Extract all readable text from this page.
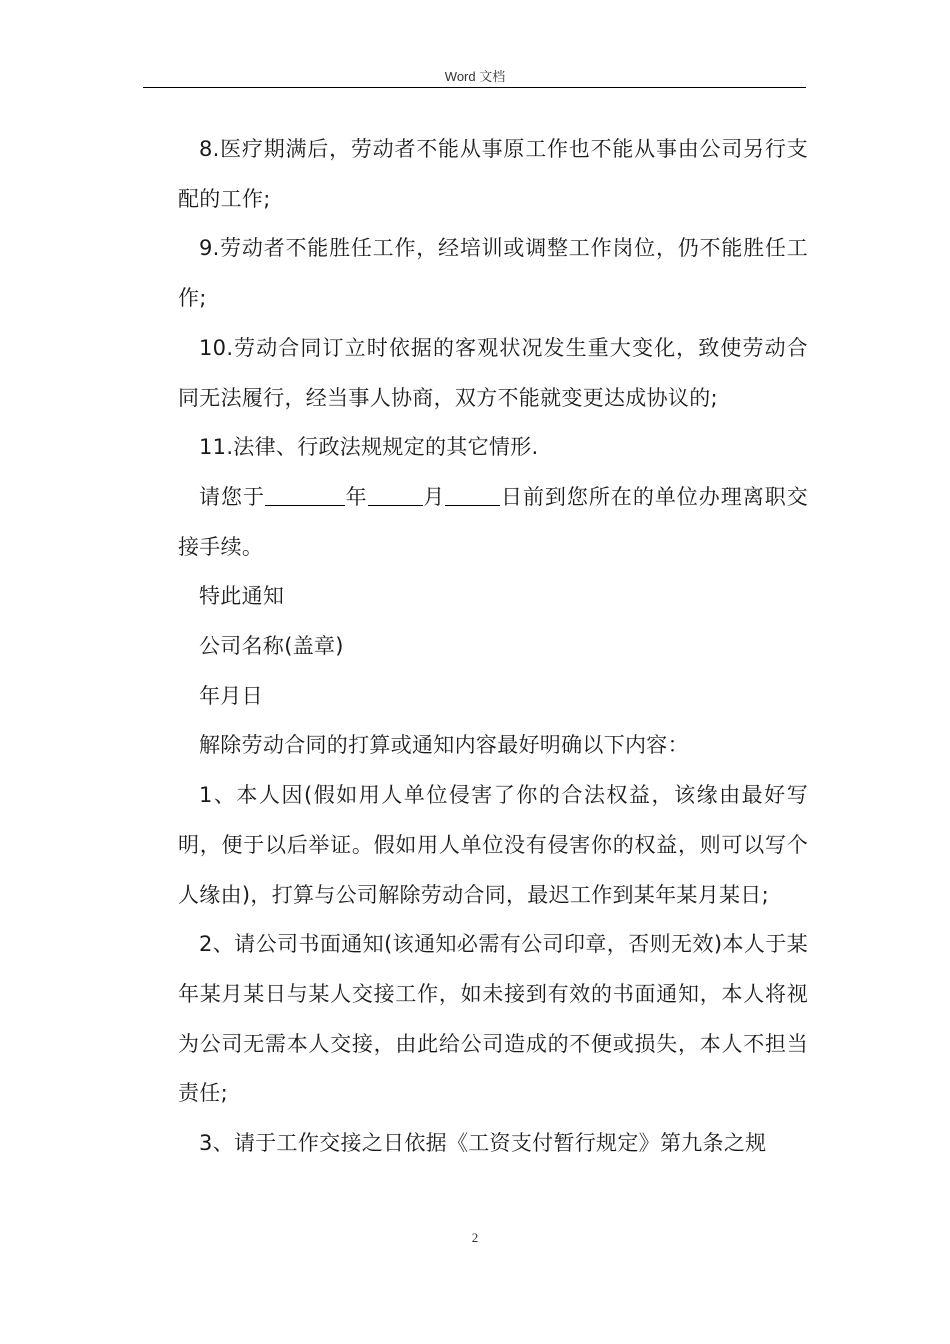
Word 文档

8.医疗期满后，劳动者不能从事原工作也不能从事由公司另行支配的工作;

9.劳动者不能胜任工作，经培训或调整工作岗位，仍不能胜任工作;

10.劳动合同订立时依据的客观状况发生重大变化，致使劳动合同无法履行，经当事人协商，双方不能就变更达成协议的;

11.法律、行政法规规定的其它情形.

请您于	年	月	日前到您所在的单位办理离职交接手续。

特此通知

公司名称(盖章)

年月日

解除劳动合同的打算或通知内容最好明确以下内容：

1、本人因(假如用人单位侵害了你的合法权益，该缘由最好写明，便于以后举证。假如用人单位没有侵害你的权益，则可以写个人缘由)，打算与公司解除劳动合同，最迟工作到某年某月某日;

2、请公司书面通知(该通知必需有公司印章，否则无效)本人于某年某月某日与某人交接工作，如未接到有效的书面通知，本人将视为公司无需本人交接，由此给公司造成的不便或损失，本人不担当责任;

3、请于工作交接之日依据《工资支付暂行规定》第九条之规

2
